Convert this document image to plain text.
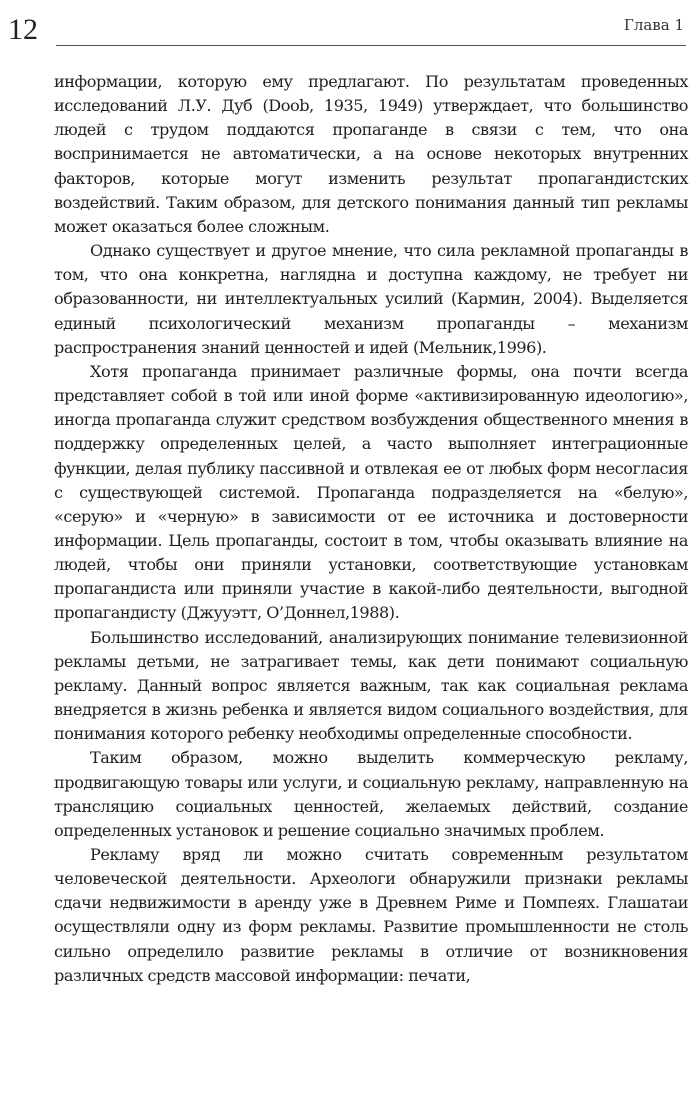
12	Глава 1

информации, которую ему предлагают. По результатам проведенных исследований Л.У. Дуб (Doob, 1935, 1949) утверждает, что большинство людей с трудом поддаются пропаганде в связи с тем, что она воспринимается не автоматически, а на основе некоторых внутренних факторов, которые могут изменить результат пропагандистских воздействий. Таким образом, для детского понимания данный тип рекламы может оказаться более сложным.

Однако существует и другое мнение, что сила рекламной пропаганды в том, что она конкретна, наглядна и доступна каждому, не требует ни образованности, ни интеллектуальных усилий (Кармин, 2004). Выделяется единый психологический механизм пропаганды – механизм распространения знаний ценностей и идей (Мельник,1996).

Хотя пропаганда принимает различные формы, она почти всегда представляет собой в той или иной форме «активизированную идеологию», иногда пропаганда служит средством возбуждения общественного мнения в поддержку определенных целей, а часто выполняет интеграционные функции, делая публику пассивной и отвлекая ее от любых форм несогласия с существующей системой. Пропаганда подразделяется на «белую», «серую» и «черную» в зависимости от ее источника и достоверности информации. Цель пропаганды, состоит в том, чтобы оказывать влияние на людей, чтобы они приняли установки, соответствующие установкам пропагандиста или приняли участие в какой-либо деятельности, выгодной пропагандисту (Джууэтт, О’Доннел,1988).

Большинство исследований, анализирующих понимание телевизионной рекламы детьми, не затрагивает темы, как дети понимают социальную рекламу. Данный вопрос является важным, так как социальная реклама внедряется в жизнь ребенка и является видом социального воздействия, для понимания которого ребенку необходимы определенные способности.

Таким образом, можно выделить коммерческую рекламу, продвигающую товары или услуги, и социальную рекламу, направленную на трансляцию социальных ценностей, желаемых действий, создание определенных установок и решение социально значимых проблем.

Рекламу вряд ли можно считать современным результатом человеческой деятельности. Археологи обнаружили признаки рекламы сдачи недвижимости в аренду уже в Древнем Риме и Помпеях. Глашатаи осуществляли одну из форм рекламы. Развитие промышленности не столь сильно определило развитие рекламы в отличие от возникновения различных средств массовой информации: печати,
